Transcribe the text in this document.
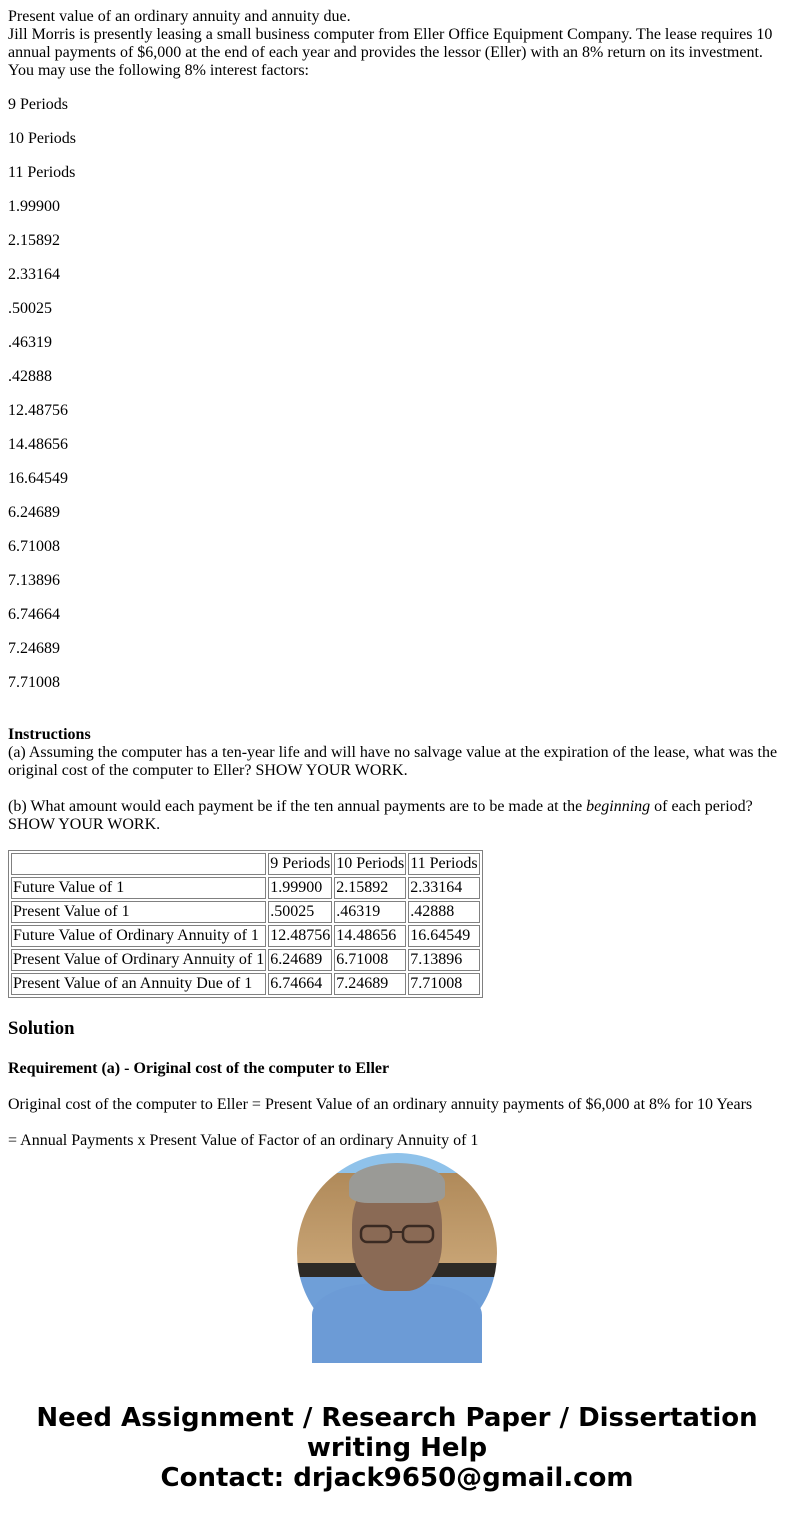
Present value of an ordinary annuity and annuity due.

Jill Morris is presently leasing a small business computer from Eller Office Equipment Company. The lease requires 10 annual payments of $6,000 at the end of each year and provides the lessor (Eller) with an 8% return on its investment. You may use the following 8% interest factors:

9 Periods

10 Periods

11 Periods

1.99900

2.15892

2.33164

.50025

.46319

.42888

12.48756

14.48656

16.64549

6.24689

6.71008

7.13896

6.74664

7.24689

7.71008

Instructions

(a) Assuming the computer has a ten-year life and will have no salvage value at the expiration of the lease, what was the original cost of the computer to Eller? SHOW YOUR WORK.

(b) What amount would each payment be if the ten annual payments are to be made at the beginning of each period? SHOW YOUR WORK.

	9 Periods	10 Periods	11 Periods
Future Value of 1	1.99900	2.15892	2.33164
Present Value of 1	.50025	.46319	.42888
Future Value of Ordinary Annuity of 1	12.48756	14.48656	16.64549
Present Value of Ordinary Annuity of 1	6.24689	6.71008	7.13896
Present Value of an Annuity Due of 1	6.74664	7.24689	7.71008
Solution
Requirement (a) - Original cost of the computer to Eller

Original cost of the computer to Eller = Present Value of an ordinary annuity payments of $6,000 at 8% for 10 Years

= Annual Payments x Present Value of Factor of an ordinary Annuity of 1

Need Assignment / Research Paper / Dissertation
writing Help
Contact: drjack9650@gmail.com
